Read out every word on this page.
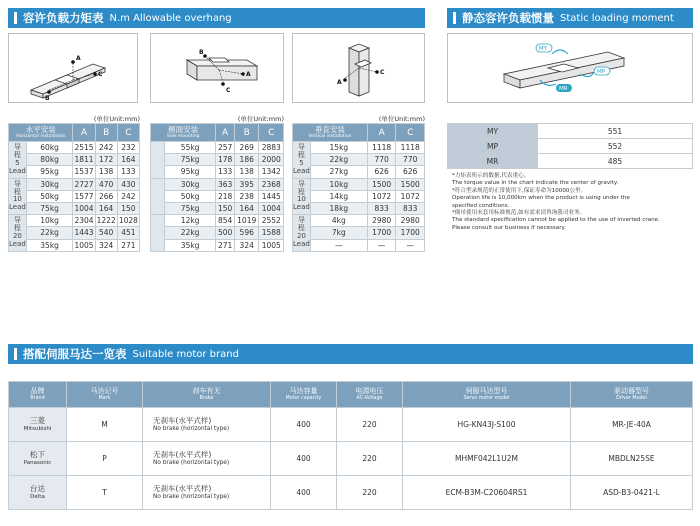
容许负载力矩表 N.m Allowable overhang	静态容许负载惯量 Static loading moment
A
B
C	A
C
B
A
C
MY
MP
MR
(单位Unit:mm)	(单位Unit:mm)	(单位Unit:mm)
水平安装
Horizontal installation		A	B	C
导
程
5
Lead	60kg	2515	242	232
	80kg	1811	172	164
	95kg	1537	138	133
导
程
10
Lead	30kg	2727	470	430
	50kg	1577	266	242
	75kg	1004	164	150
导
程
20
Lead	10kg	2304	1222	1028
	22kg	1443	540	451
	35kg	1005	324	271
侧面安装
Side mounting		A	B	C
	55kg	257	269	2883
	75kg	178	186	2000
	95kg	133	138	1342
	30kg	363	395	2368
	50kg	218	238	1445
	75kg	150	164	1004
	12kg	854	1019	2552
	22kg	500	596	1588
	35kg	271	324	1005
垂直安装
Vertical installation		A	C
导
程
5
Lead	15kg	1118	1118
	22kg	770	770
	27kg	626	626
导
程
10
Lead	10kg	1500	1500
	14kg	1072	1072
	18kg	833	833
导
程
20
Lead	4kg	2980	2980
	7kg	1700	1700
	—	—	—
MY	551
MP	552
MR	485
*力矩表所示的数据,代表重心。
The torque value in the chart indicate the center of gravity.
*符合型录规范的正常使用下,保证寿命为10000公里。
Operation life is 10,000km when the product is using under the
specified conditions.
*倒吊使用未套用标准规范,如有需求请咨询我司业务。
The standard specification cannot be applied to the use of inverted crane.
Please consult our business if necessary.
搭配伺服马达一览表 Suitable motor brand
品牌
Brand	马达记号
Mark	刹车有无
Brake	马达容量
Motor capacity	电源电压
AC-Voltage	伺服马达型号
Servo motor model	驱动器型号
Driver Model

三菱
Mitsubishi	M	无刹车(水平式样)
No brake (horizontal type)	400	220	HG-KN43J-S100	MR-JE-40A
松下
Panasonic	P	无刹车(水平式样)
No brake (horizontal type)	400	220	MHMF042L1U2M	MBDLN25SE
台达
Delta	T	无刹车(水平式样)
No brake (horizontal type)	400	220	ECM-B3M-C20604RS1	ASD-B3-0421-L
